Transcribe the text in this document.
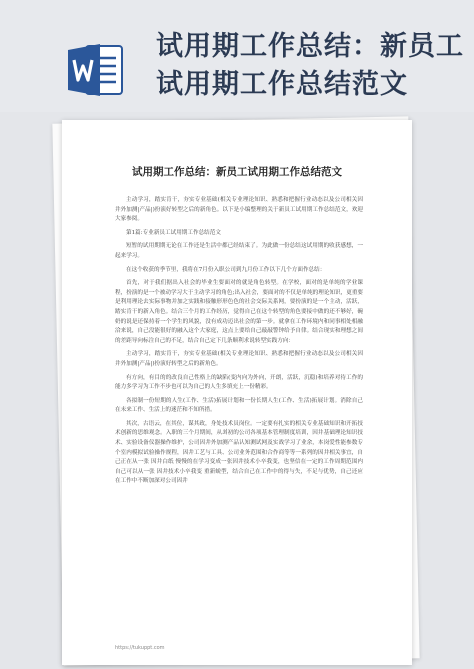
试用期工作总结：新员工试用期工作总结范文
试用期工作总结：新员工试用期工作总结范文

主动学习，踏实肯干，夯实专业基础(相关专业理论知识、熟悉和把握行业动态以及公司相关因井外加测|产品|)扮演好转型之后的新角色。以下是小编整理的关于新员工试用期工作总结范文，欢迎大家参阅。

第1篇:专业新员工试用期工作总结范文

短暂的试用期期无论在工作还是生活中都已经结束了。为此做一份总结这试用期的收获感想，一起来学习。

在这个收获的季节里，我将在7月份入职公司到九月份工作以下几个方面作总结：

首先，对于我们据出入社会的毕业生要面对的就是角色转型。在学校，面对的是单纯的学业课程，扮演的是一个被动学习大于主动学习的角色;出入社会，要面对的不仅是单纯的理论知识，更重要是利用理论去实际事物并加之实践和接触形形色色的社会交际关系网，要扮演的是一个主动，活跃，踏实肯干的新入角色。结合三个月的工作经历，觉得自己在这个转型的角色要接中做的还不够好，碗奶的说是还保持着一个学生的风貌，没有成功迈出社会的第一步。就拿在工作环境内和同事相处相融洽来说，自己没能很好的融入这个大家庭，这点上要给自己敲敲警钟给予自律。结合现实和理想之间的差距导向标注自己的不足，结合自己定下几条顺利求说转型实践方向：

主动学习，踏实肯干，夯实专业基础(相关专业理论知识、熟悉和把握行业动态以及公司相关因井外加测|产品|)扮演好转型之后的新角色。

有方向，有目的的改良自己性格上的缺陷(变内向为外向，开朗，活跃，沉稳)和培养对待工作的能力多学习为工作不步也可以为自己的人生多填充上一份精彩。

各拟制一份短期的人生(工作、生活)拓展计划和一份长期人生(工作、生活)拓展计划。消除自己在未来工作、生活上的迷茫和不知所措。

其次，古语云，在其位，谋其政，身处技术员岗位。一定要有扎实的相关专业基础知识和开拓技术创新的思维观念。入职的三个月期间，从최初的公司各项基本管理制度培训，因井基础理论知识技术、实验设备仪器操作维护，公司因井外加测产品认知测试网及实战学习了业余，本岗爱性能参数专个室内模拟试验操作规程，因井工艺与工具、公司业务范围和合作商等等一系列的因井相关事宜，自己正在从一张 因井白纸 慢慢的在学习变成一张因井技术小卒我变，也坚信在一定的工作周期范围内自己可以从一张 因井技术小卒我变 重新蜕型，结合自己在工作中的得与失，不足与优势，自己还应在工作中不断加深对公司因井

https://tukuppt.com
